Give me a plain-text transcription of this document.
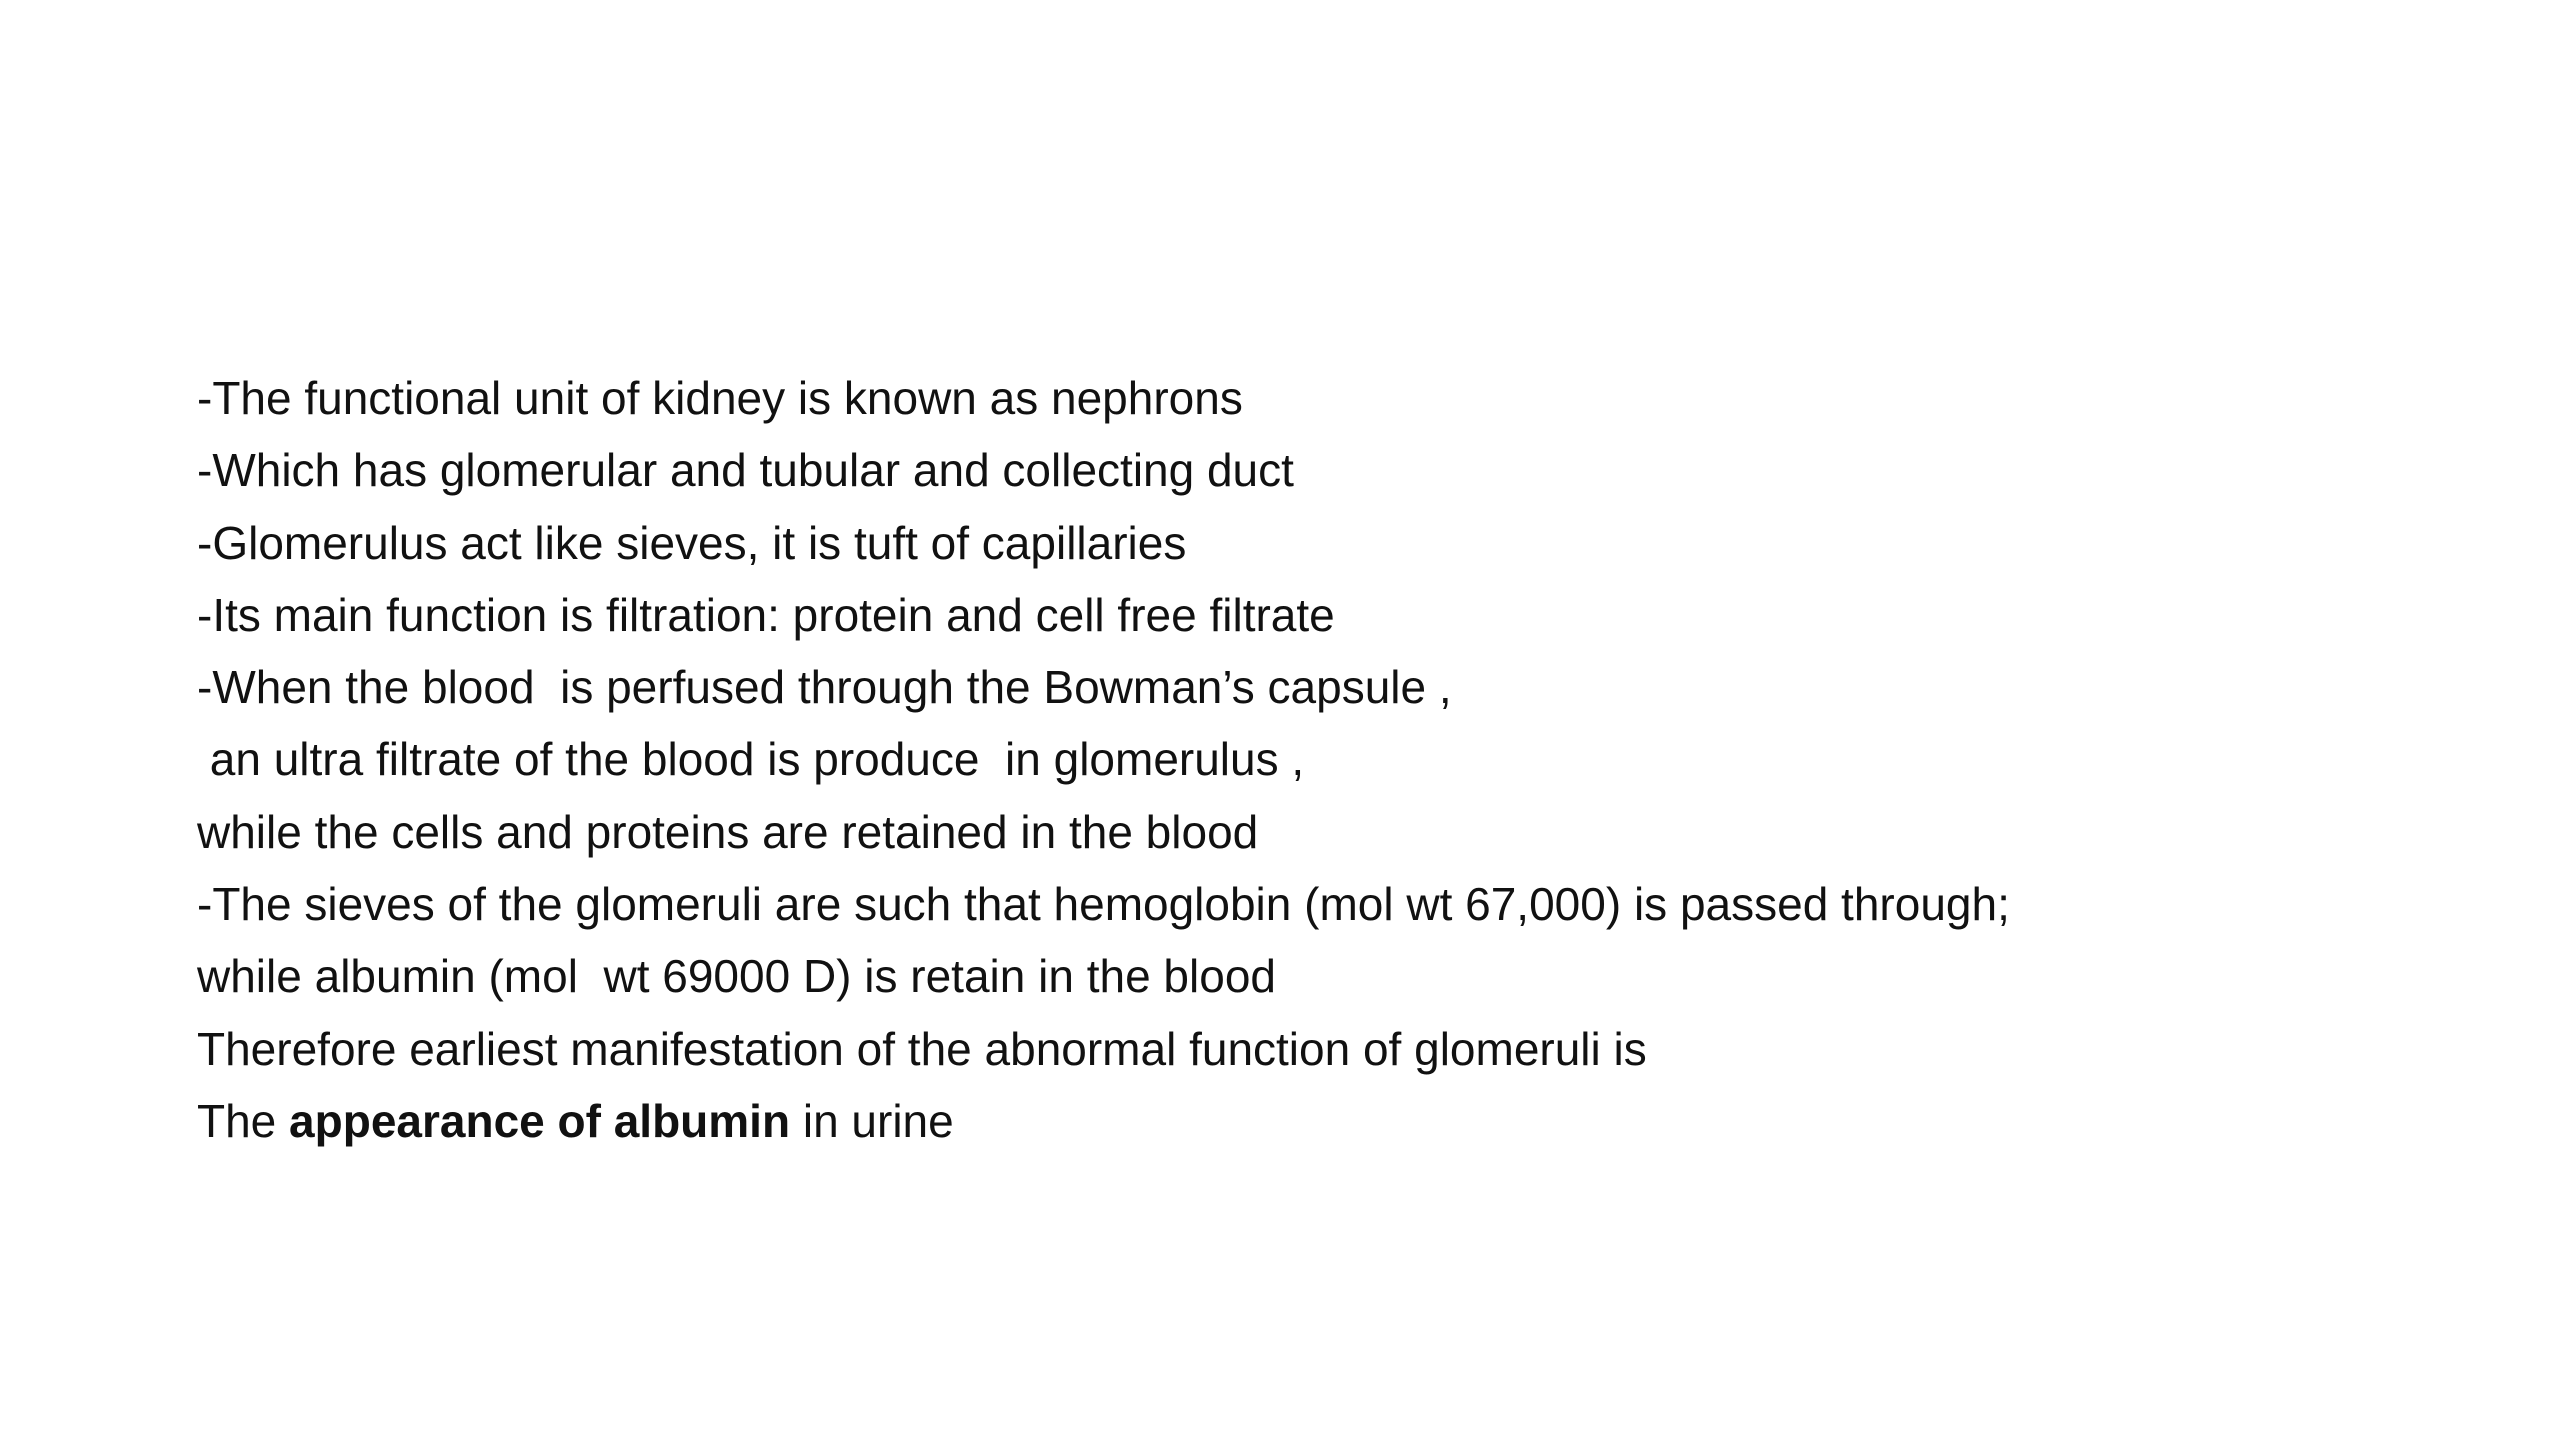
-The functional unit of kidney is known as nephrons
-Which has glomerular and tubular and collecting duct
-Glomerulus act like sieves, it is tuft of capillaries
-Its main function is filtration: protein and cell free filtrate
-When the blood  is perfused through the Bowman’s capsule ,
an ultra filtrate of the blood is produce  in glomerulus ,
while the cells and proteins are retained in the blood
-The sieves of the glomeruli are such that hemoglobin (mol wt 67,000) is passed through;
while albumin (mol  wt 69000 D) is retain in the blood
Therefore earliest manifestation of the abnormal function of glomeruli is
The appearance of albumin in urine
